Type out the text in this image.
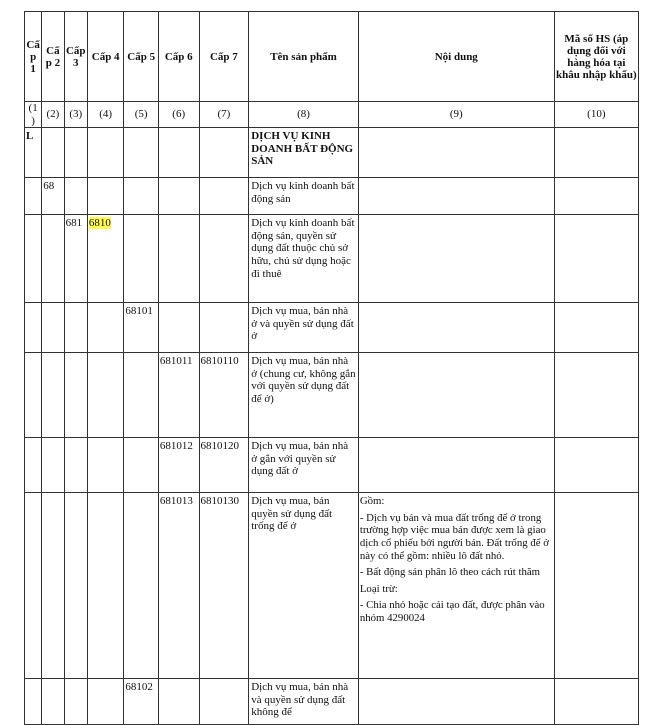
Cấp 1	Cấp 2	Cấp 3	Cấp 4	Cấp 5	Cấp 6	Cấp 7	Tên sản phẩm	Nội dung	Mã số HS (áp dụng đối với hàng hóa tại khâu nhập khẩu)
(1)	(2)	(3)	(4)	(5)	(6)	(7)	(8)	(9)	(10)
L							DỊCH VỤ KINH DOANH BẤT ĐỘNG SẢN		
	68						Dịch vụ kinh doanh bất động sản		
		681	6810				Dịch vụ kinh doanh bất động sản, quyền sử dụng đất thuộc chủ sở hữu, chủ sử dụng hoặc đi thuê		
				68101			Dịch vụ mua, bán nhà ở và quyền sử dụng đất ở		
					681011	6810110	Dịch vụ mua, bán nhà ở (chung cư, không gắn với quyền sử dụng đất để ở)		
					681012	6810120	Dịch vụ mua, bán nhà ở gắn với quyền sử dụng đất ở		
					681013	6810130	Dịch vụ mua, bán quyền sử dụng đất trống để ở	Gồm:

- Dịch vụ bán và mua đất trống để ở trong trường hợp việc mua bán được xem là giao dịch cổ phiếu bởi người bán. Đất trống để ở này có thể gồm: nhiều lô đất nhỏ.

- Bất động sản phân lô theo cách rút thăm

Loại trừ:

- Chia nhỏ hoặc cải tạo đất, được phân vào nhóm 4290024	

				68102			Dịch vụ mua, bán nhà và quyền sử dụng đất không để		
